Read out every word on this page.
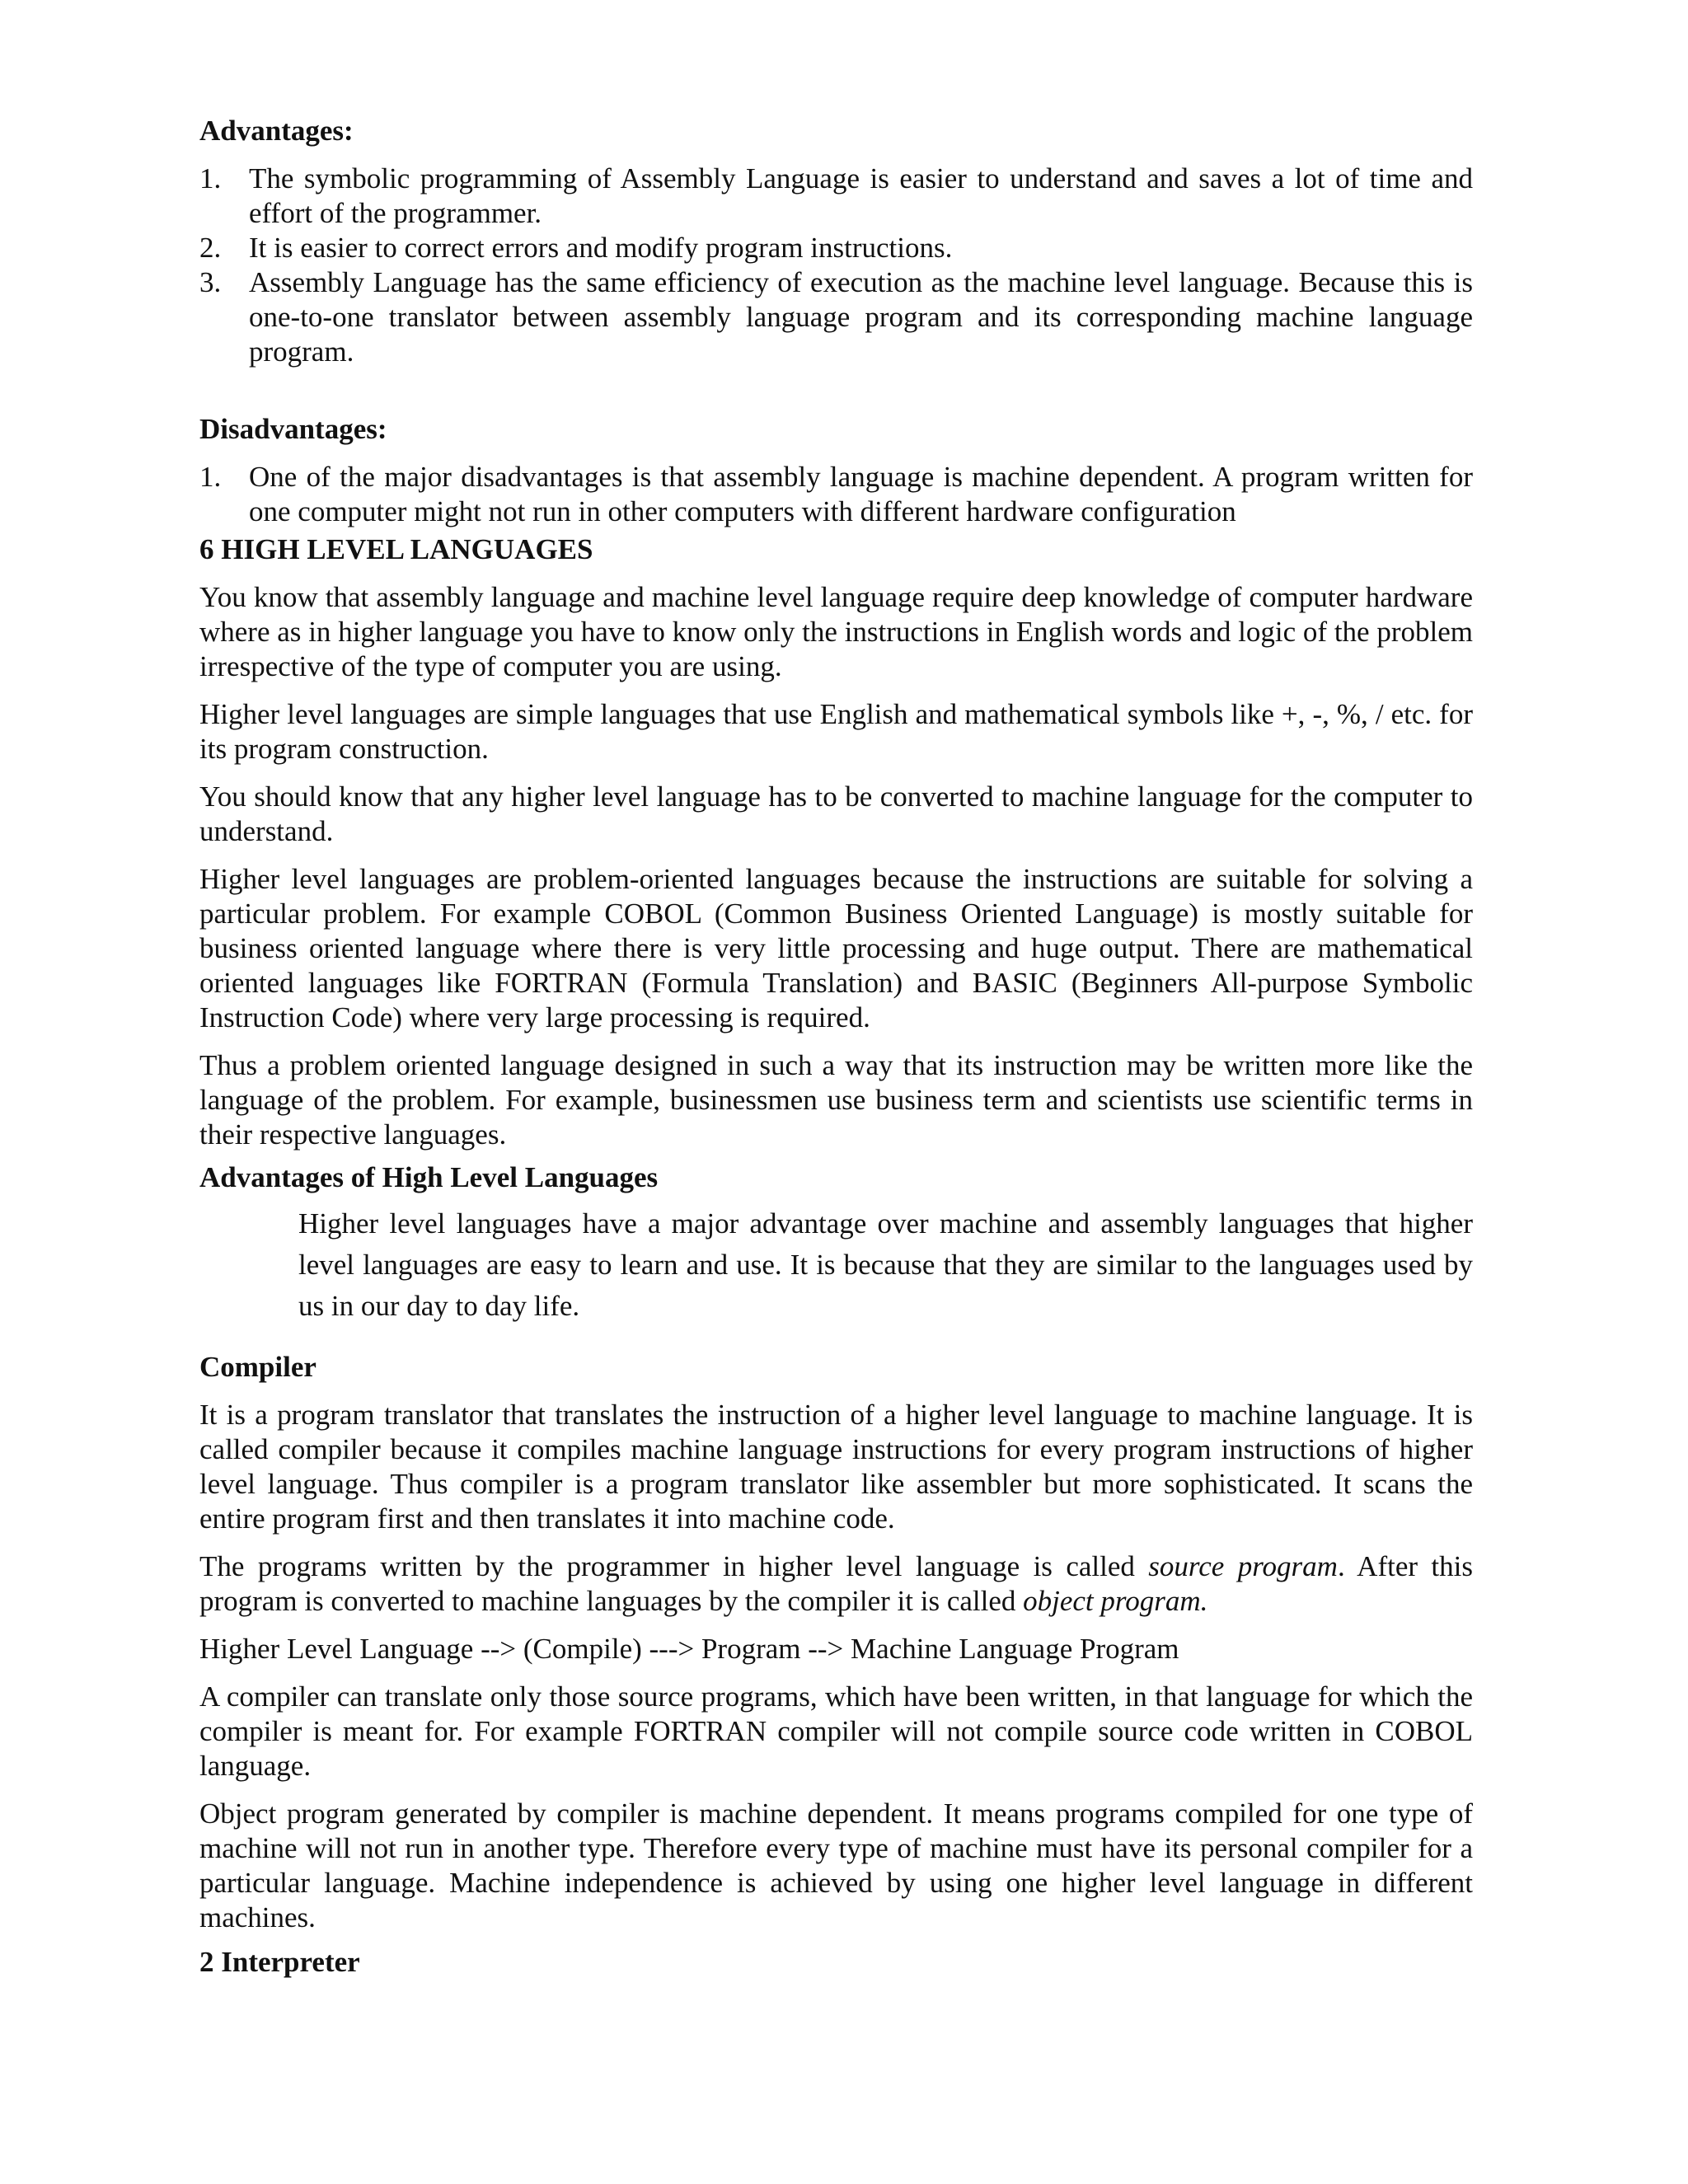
Advantages:

1. The symbolic programming of Assembly Language is easier to understand and saves a lot of time and effort of the programmer.
2. It is easier to correct errors and modify program instructions.
3. Assembly Language has the same efficiency of execution as the machine level language. Because this is one-to-one translator between assembly language program and its corresponding machine language program.

Disadvantages:

1. One of the major disadvantages is that assembly language is machine dependent. A program written for one computer might not run in other computers with different hardware configuration

6 HIGH LEVEL LANGUAGES

You know that assembly language and machine level language require deep knowledge of computer hardware where as in higher language you have to know only the instructions in English words and logic of the problem irrespective of the type of computer you are using.

Higher level languages are simple languages that use English and mathematical symbols like +, -, %, / etc. for its program construction.

You should know that any higher level language has to be converted to machine language for the computer to understand.

Higher level languages are problem-oriented languages because the instructions are suitable for solving a particular problem. For example COBOL (Common Business Oriented Language) is mostly suitable for business oriented language where there is very little processing and huge output. There are mathematical oriented languages like FORTRAN (Formula Translation) and BASIC (Beginners All-purpose Symbolic Instruction Code) where very large processing is required.

Thus a problem oriented language designed in such a way that its instruction may be written more like the language of the problem. For example, businessmen use business term and scientists use scientific terms in their respective languages.

Advantages of High Level Languages

Higher level languages have a major advantage over machine and assembly languages that higher level languages are easy to learn and use. It is because that they are similar to the languages used by us in our day to day life.

Compiler

It is a program translator that translates the instruction of a higher level language to machine language. It is called compiler because it compiles machine language instructions for every program instructions of higher level language. Thus compiler is a program translator like assembler but more sophisticated. It scans the entire program first and then translates it into machine code.

The programs written by the programmer in higher level language is called source program. After this program is converted to machine languages by the compiler it is called object program.

Higher Level Language --> (Compile) ---> Program --> Machine Language Program

A compiler can translate only those source programs, which have been written, in that language for which the compiler is meant for. For example FORTRAN compiler will not compile source code written in COBOL language.

Object program generated by compiler is machine dependent. It means programs compiled for one type of machine will not run in another type. Therefore every type of machine must have its personal compiler for a particular language. Machine independence is achieved by using one higher level language in different machines.

2 Interpreter
